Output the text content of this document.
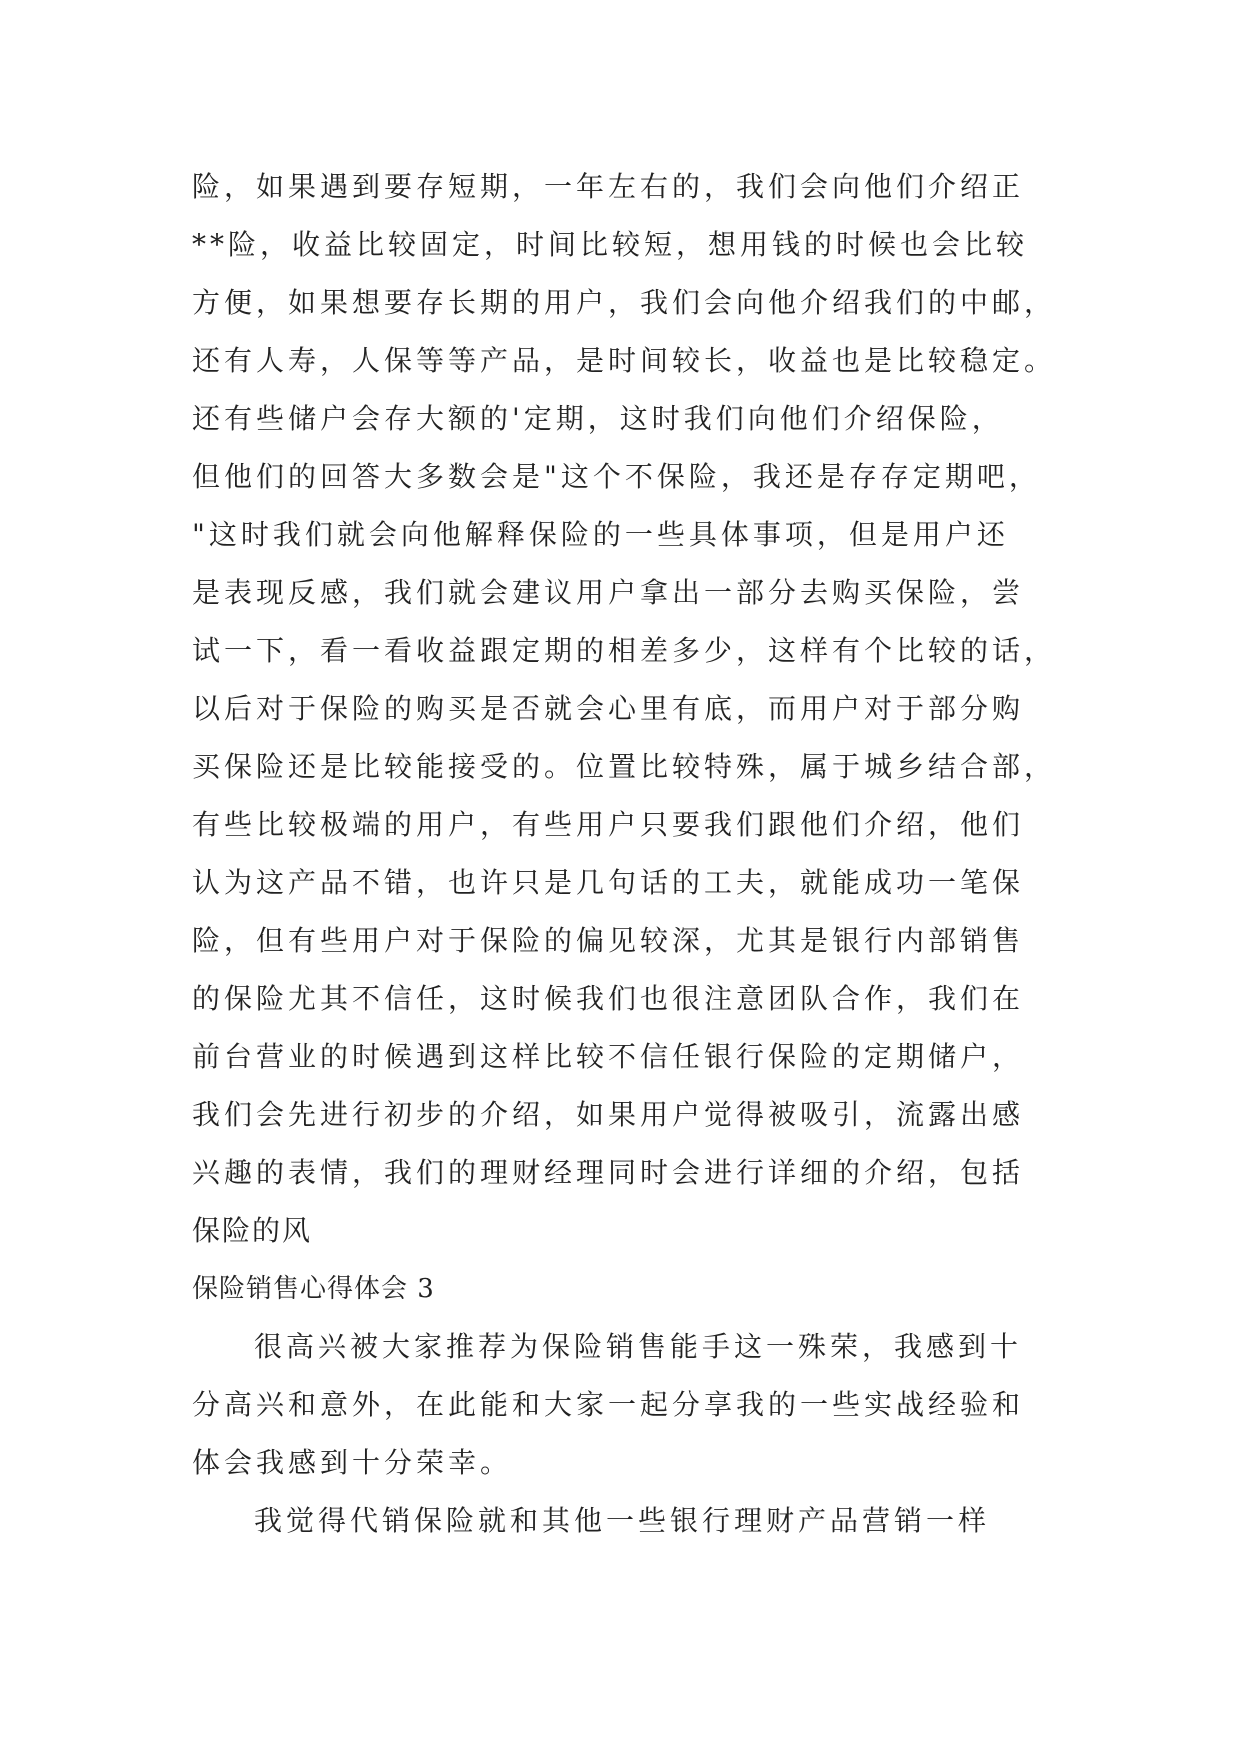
险，如果遇到要存短期，一年左右的，我们会向他们介绍正
**险，收益比较固定，时间比较短，想用钱的时候也会比较
方便，如果想要存长期的用户，我们会向他介绍我们的中邮，
还有人寿，人保等等产品，是时间较长，收益也是比较稳定。
还有些储户会存大额的'定期，这时我们向他们介绍保险，
但他们的回答大多数会是"这个不保险，我还是存存定期吧，
"这时我们就会向他解释保险的一些具体事项，但是用户还
是表现反感，我们就会建议用户拿出一部分去购买保险，尝
试一下，看一看收益跟定期的相差多少，这样有个比较的话，
以后对于保险的购买是否就会心里有底，而用户对于部分购
买保险还是比较能接受的。位置比较特殊，属于城乡结合部，
有些比较极端的用户，有些用户只要我们跟他们介绍，他们
认为这产品不错，也许只是几句话的工夫，就能成功一笔保
险，但有些用户对于保险的偏见较深，尤其是银行内部销售
的保险尤其不信任，这时候我们也很注意团队合作，我们在
前台营业的时候遇到这样比较不信任银行保险的定期储户，
我们会先进行初步的介绍，如果用户觉得被吸引，流露出感
兴趣的表情，我们的理财经理同时会进行详细的介绍，包括
保险的风
保险销售心得体会 3
很高兴被大家推荐为保险销售能手这一殊荣，我感到十
分高兴和意外，在此能和大家一起分享我的一些实战经验和
体会我感到十分荣幸。
我觉得代销保险就和其他一些银行理财产品营销一样
